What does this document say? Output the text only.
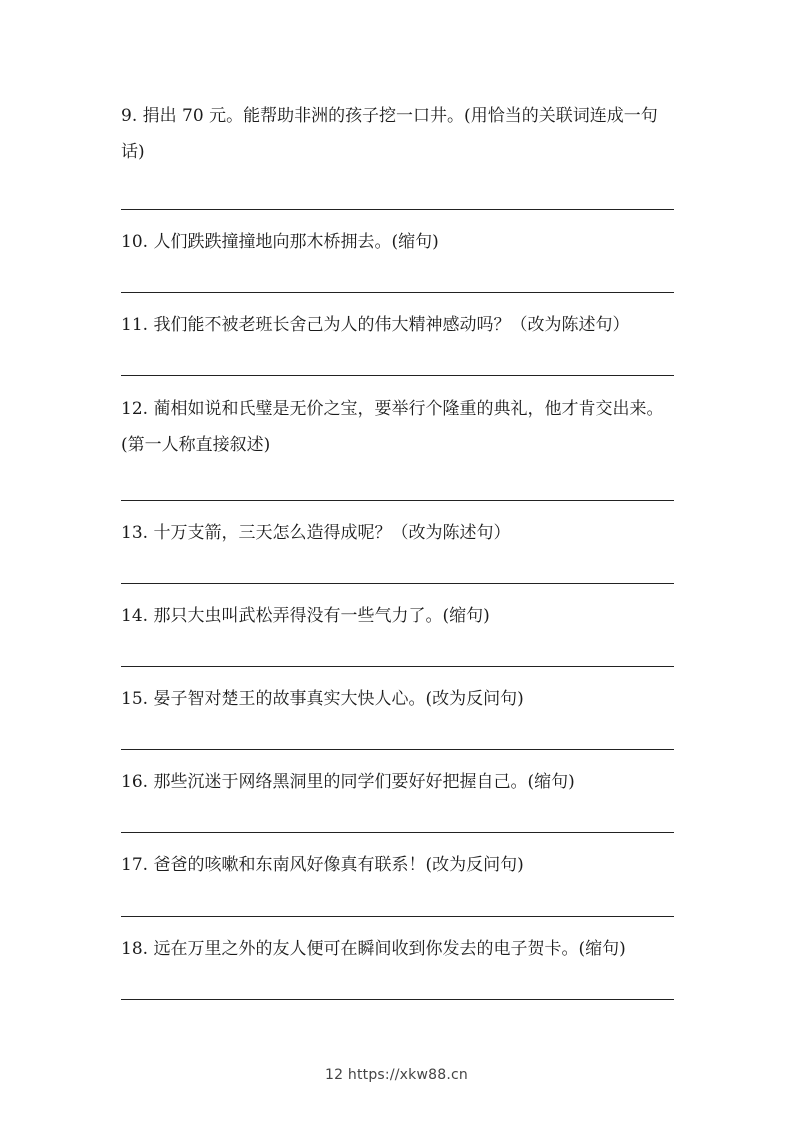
9. 捐出 70 元。能帮助非洲的孩子挖一口井。(用恰当的关联词连成一句话)

10. 人们跌跌撞撞地向那木桥拥去。(缩句)

11. 我们能不被老班长舍己为人的伟大精神感动吗？（改为陈述句）

12. 蔺相如说和氏璧是无价之宝，要举行个隆重的典礼，他才肯交出来。(第一人称直接叙述)

13. 十万支箭，三天怎么造得成呢？（改为陈述句）

14. 那只大虫叫武松弄得没有一些气力了。(缩句)

15. 晏子智对楚王的故事真实大快人心。(改为反问句)

16. 那些沉迷于网络黑洞里的同学们要好好把握自己。(缩句)

17. 爸爸的咳嗽和东南风好像真有联系！(改为反问句)

18. 远在万里之外的友人便可在瞬间收到你发去的电子贺卡。(缩句)

12 https://xkw88.cn
